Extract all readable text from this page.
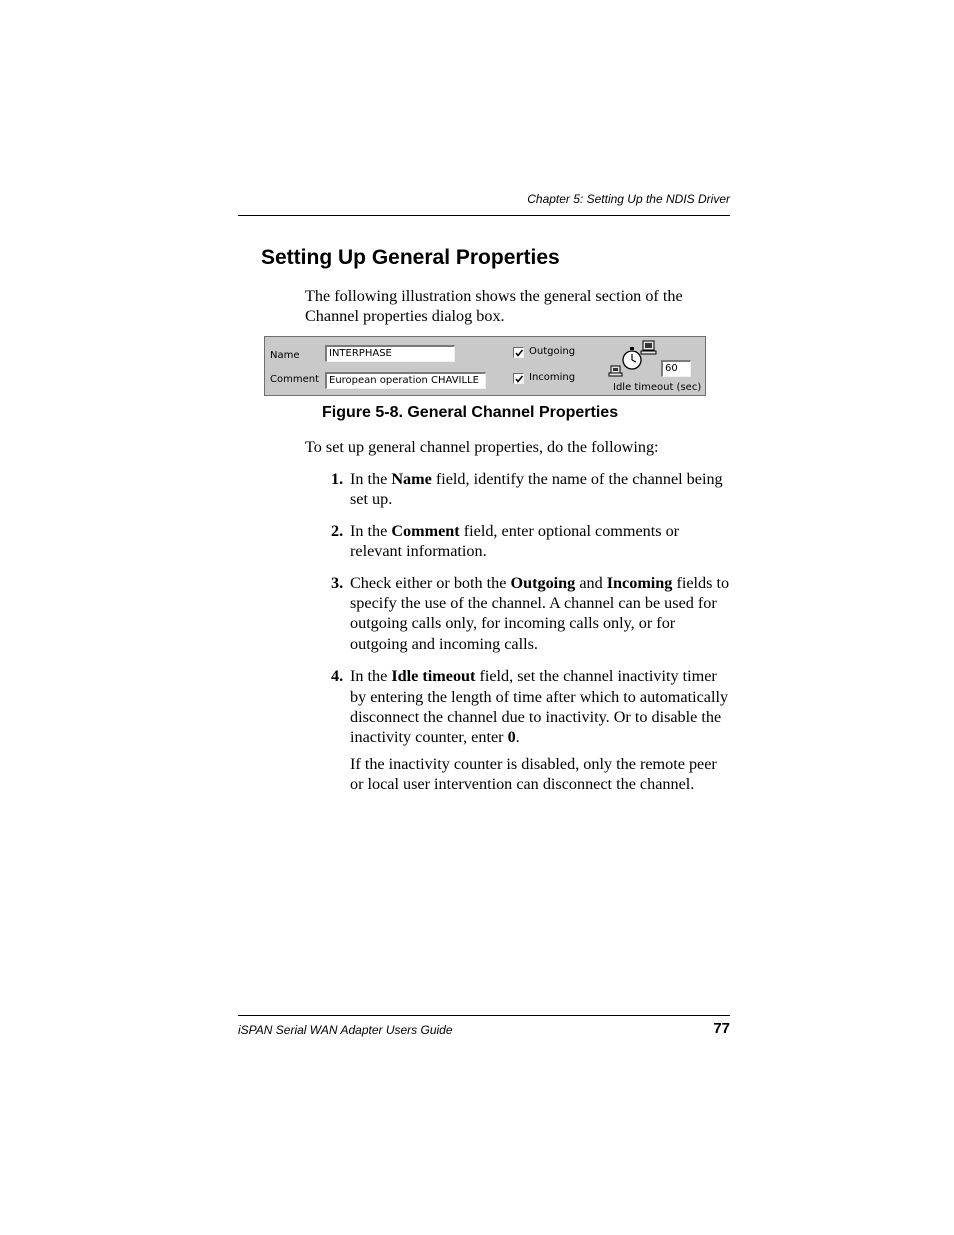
Chapter 5: Setting Up the NDIS Driver
Setting Up General Properties

The following illustration shows the general section of the Channel properties dialog box.

Name	INTERPHASE
Comment	European operation CHAVILLE
Outgoing
Incoming
60
Idle timeout (sec)

Figure 5-8. General Channel Properties

To set up general channel properties, do the following:

1. In the Name field, identify the name of the channel being set up.

2. In the Comment field, enter optional comments or relevant information.

3. Check either or both the Outgoing and Incoming fields to specify the use of the channel. A channel can be used for outgoing calls only, for incoming calls only, or for outgoing and incoming calls.

4. In the Idle timeout field, set the channel inactivity timer by entering the length of time after which to automatically disconnect the channel due to inactivity. Or to disable the inactivity counter, enter 0.

If the inactivity counter is disabled, only the remote peer or local user intervention can disconnect the channel.

iSPAN Serial WAN Adapter Users Guide	77
